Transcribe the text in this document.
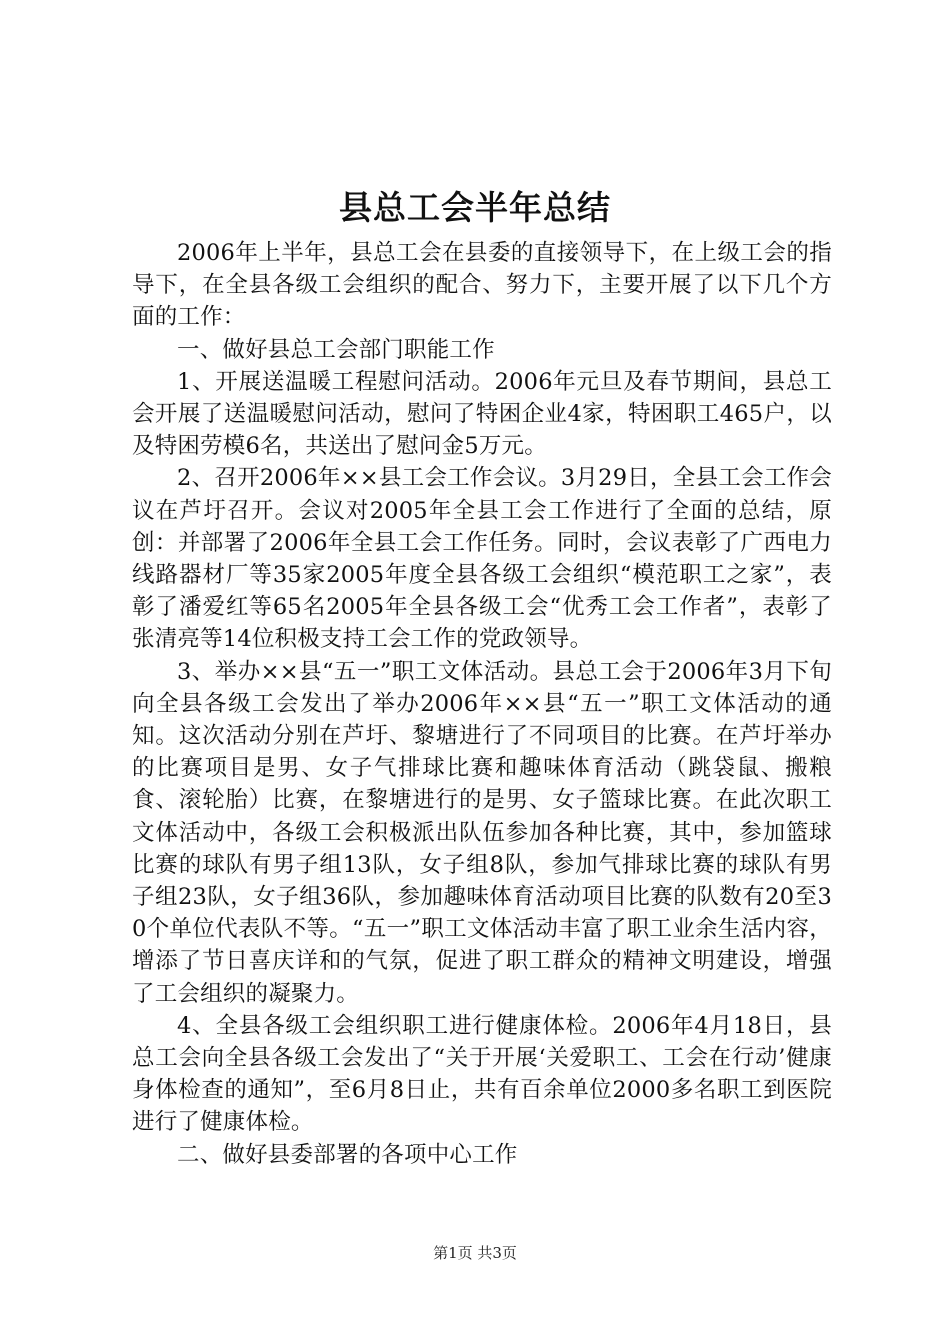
县总工会半年总结

2006年上半年，县总工会在县委的直接领导下，在上级工会的指导下，在全县各级工会组织的配合、努力下，主要开展了以下几个方面的工作：

一、做好县总工会部门职能工作

1、开展送温暖工程慰问活动。2006年元旦及春节期间，县总工会开展了送温暖慰问活动，慰问了特困企业4家，特困职工465户，以及特困劳模6名，共送出了慰问金5万元。

2、召开2006年××县工会工作会议。3月29日，全县工会工作会议在芦圩召开。会议对2005年全县工会工作进行了全面的总结，原创：并部署了2006年全县工会工作任务。同时，会议表彰了广西电力线路器材厂等35家2005年度全县各级工会组织“模范职工之家”，表彰了潘爱红等65名2005年全县各级工会“优秀工会工作者”，表彰了张清亮等14位积极支持工会工作的党政领导。

3、举办××县“五一”职工文体活动。县总工会于2006年3月下旬向全县各级工会发出了举办2006年××县“五一”职工文体活动的通知。这次活动分别在芦圩、黎塘进行了不同项目的比赛。在芦圩举办的比赛项目是男、女子气排球比赛和趣味体育活动（跳袋鼠、搬粮食、滚轮胎）比赛，在黎塘进行的是男、女子篮球比赛。在此次职工文体活动中，各级工会积极派出队伍参加各种比赛，其中，参加篮球比赛的球队有男子组13队，女子组8队，参加气排球比赛的球队有男子组23队，女子组36队，参加趣味体育活动项目比赛的队数有20至30个单位代表队不等。“五一”职工文体活动丰富了职工业余生活内容，增添了节日喜庆详和的气氛，促进了职工群众的精神文明建设，增强了工会组织的凝聚力。

4、全县各级工会组织职工进行健康体检。2006年4月18日，县总工会向全县各级工会发出了“关于开展‘关爱职工、工会在行动’健康身体检查的通知”，至6月8日止，共有百余单位2000多名职工到医院进行了健康体检。

二、做好县委部署的各项中心工作

第1页 共3页
